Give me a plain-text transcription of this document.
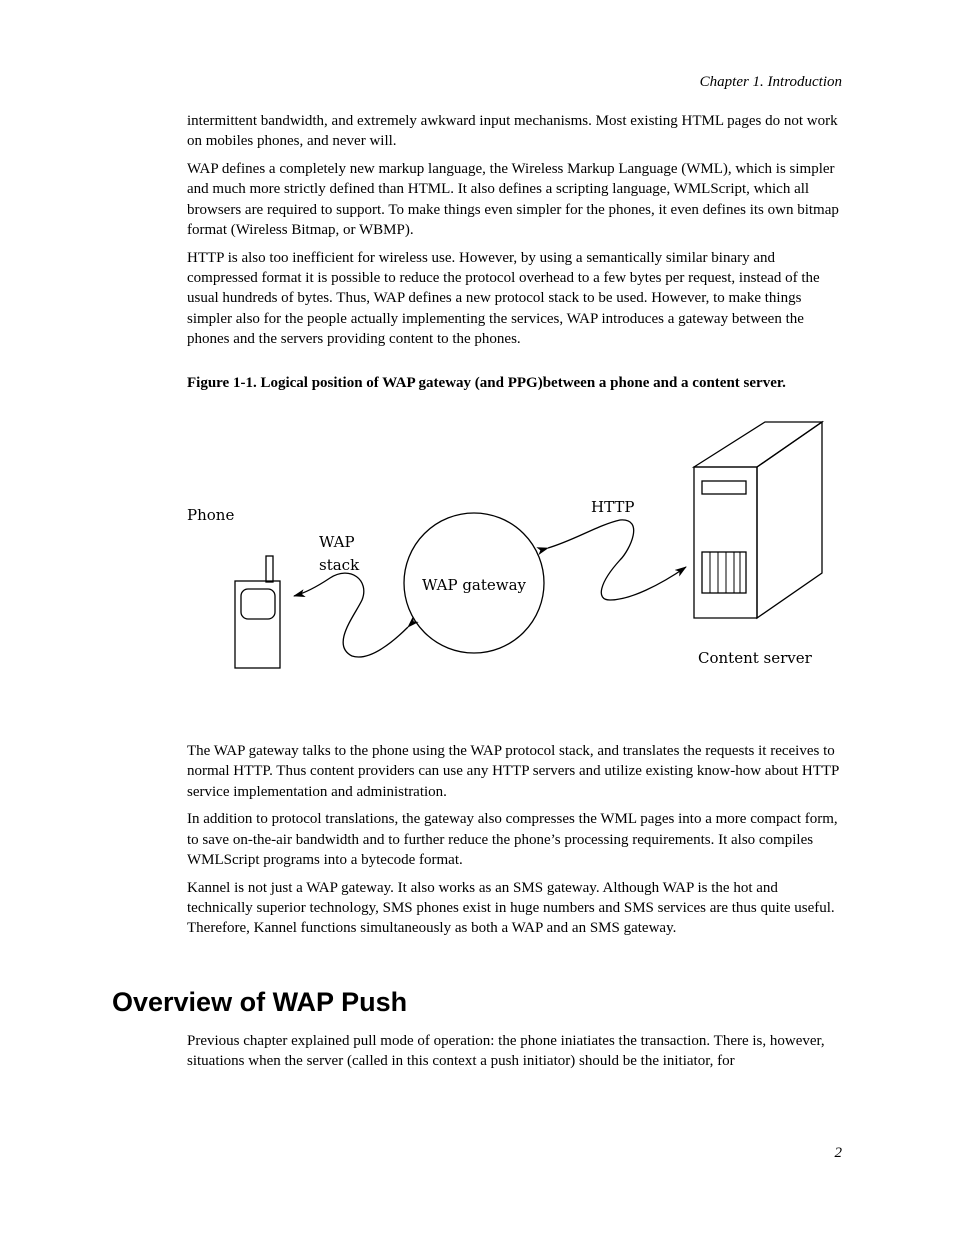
Chapter 1. Introduction

intermittent bandwidth, and extremely awkward input mechanisms. Most existing HTML pages do not work on mobiles phones, and never will.

WAP defines a completely new markup language, the Wireless Markup Language (WML), which is simpler and much more strictly defined than HTML. It also defines a scripting language, WMLScript, which all browsers are required to support. To make things even simpler for the phones, it even defines its own bitmap format (Wireless Bitmap, or WBMP).

HTTP is also too inefficient for wireless use. However, by using a semantically similar binary and compressed format it is possible to reduce the protocol overhead to a few bytes per request, instead of the usual hundreds of bytes. Thus, WAP defines a new protocol stack to be used. However, to make things simpler also for the people actually implementing the services, WAP introduces a gateway between the phones and the servers providing content to the phones.

Figure 1-1. Logical position of WAP gateway (and PPG)between a phone and a content server.
Phone
WAP
stack
WAP gateway
HTTP
Content server

The WAP gateway talks to the phone using the WAP protocol stack, and translates the requests it receives to normal HTTP. Thus content providers can use any HTTP servers and utilize existing know-how about HTTP service implementation and administration.

In addition to protocol translations, the gateway also compresses the WML pages into a more compact form, to save on-the-air bandwidth and to further reduce the phone’s processing requirements. It also compiles WMLScript programs into a bytecode format.

Kannel is not just a WAP gateway. It also works as an SMS gateway. Although WAP is the hot and technically superior technology, SMS phones exist in huge numbers and SMS services are thus quite useful. Therefore, Kannel functions simultaneously as both a WAP and an SMS gateway.

Overview of WAP Push

Previous chapter explained pull mode of operation: the phone iniatiates the transaction. There is, however, situations when the server (called in this context a push initiator) should be the initiator, for

2
